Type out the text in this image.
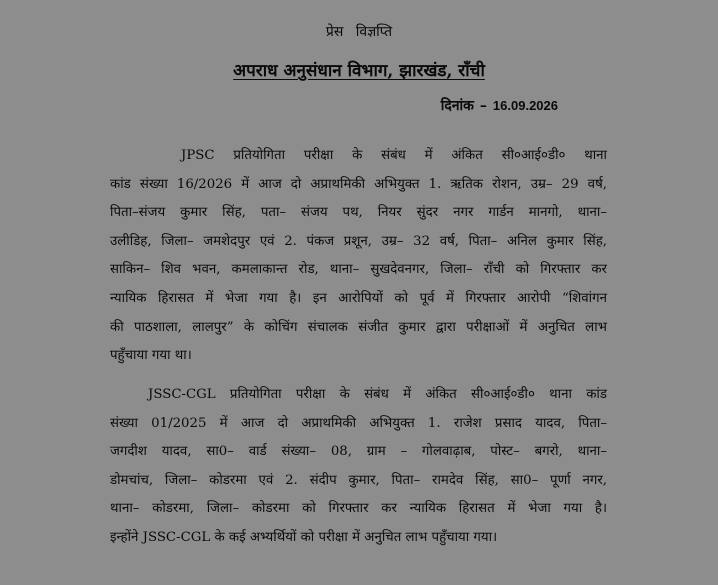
प्रेस विज्ञप्ति
अपराध अनुसंधान विभाग, झारखंड, राँची
दिनांक – 16.09.2026
JPSC प्रतियोगिता परीक्षा के संबंध में अंकित सी०आई०डी० थाना
कांड संख्या 16/2026 में आज दो अप्राथमिकी अभियुक्त 1. ऋतिक रोशन, उम्र– 29 वर्ष,
पिता–संजय कुमार सिंह, पता– संजय पथ, नियर सुंदर नगर गार्डन मानगो, थाना–
उलीडिह, जिला– जमशेदपुर एवं 2. पंकज प्रशून, उम्र– 32 वर्ष, पिता– अनिल कुमार सिंह,
साकिन– शिव भवन, कमलाकान्त रोड, थाना– सुखदेवनगर, जिला– राँची को गिरफ्तार कर
न्यायिक हिरासत में भेजा गया है। इन आरोपियों को पूर्व में गिरफ्तार आरोपी “शिवांगन
की पाठशाला, लालपुर” के कोचिंग संचालक संजीत कुमार द्वारा परीक्षाओं में अनुचित लाभ
पहुँचाया गया था।
JSSC-CGL प्रतियोगिता परीक्षा के संबंध में अंकित सी०आई०डी० थाना कांड
संख्या 01/2025 में आज दो अप्राथमिकी अभियुक्त 1. राजेश प्रसाद यादव, पिता–
जगदीश यादव, सा0– वार्ड संख्या– 08, ग्राम – गोलवाढ़ाब, पोस्ट– बगरो, थाना–
डोमचांच, जिला– कोडरमा एवं 2. संदीप कुमार, पिता– रामदेव सिंह, सा0– पूर्णा नगर,
थाना– कोडरमा, जिला– कोडरमा को गिरफ्तार कर न्यायिक हिरासत में भेजा गया है।
इन्होंने JSSC-CGL के कई अभ्यर्थियों को परीक्षा में अनुचित लाभ पहुँचाया गया।
